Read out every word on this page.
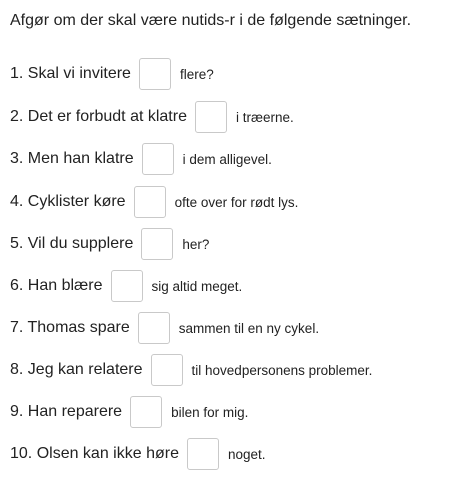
Afgør om der skal være nutids-r i de følgende sætninger.
1. Skal vi invitere	flere?
2. Det er forbudt at klatre	i træerne.
3. Men han klatre	i dem alligevel.
4. Cyklister køre	ofte over for rødt lys.
5. Vil du supplere	her?
6. Han blære	sig altid meget.
7. Thomas spare	sammen til en ny cykel.
8. Jeg kan relatere	til hovedpersonens problemer.
9. Han reparere	bilen for mig.
10. Olsen kan ikke høre	noget.
